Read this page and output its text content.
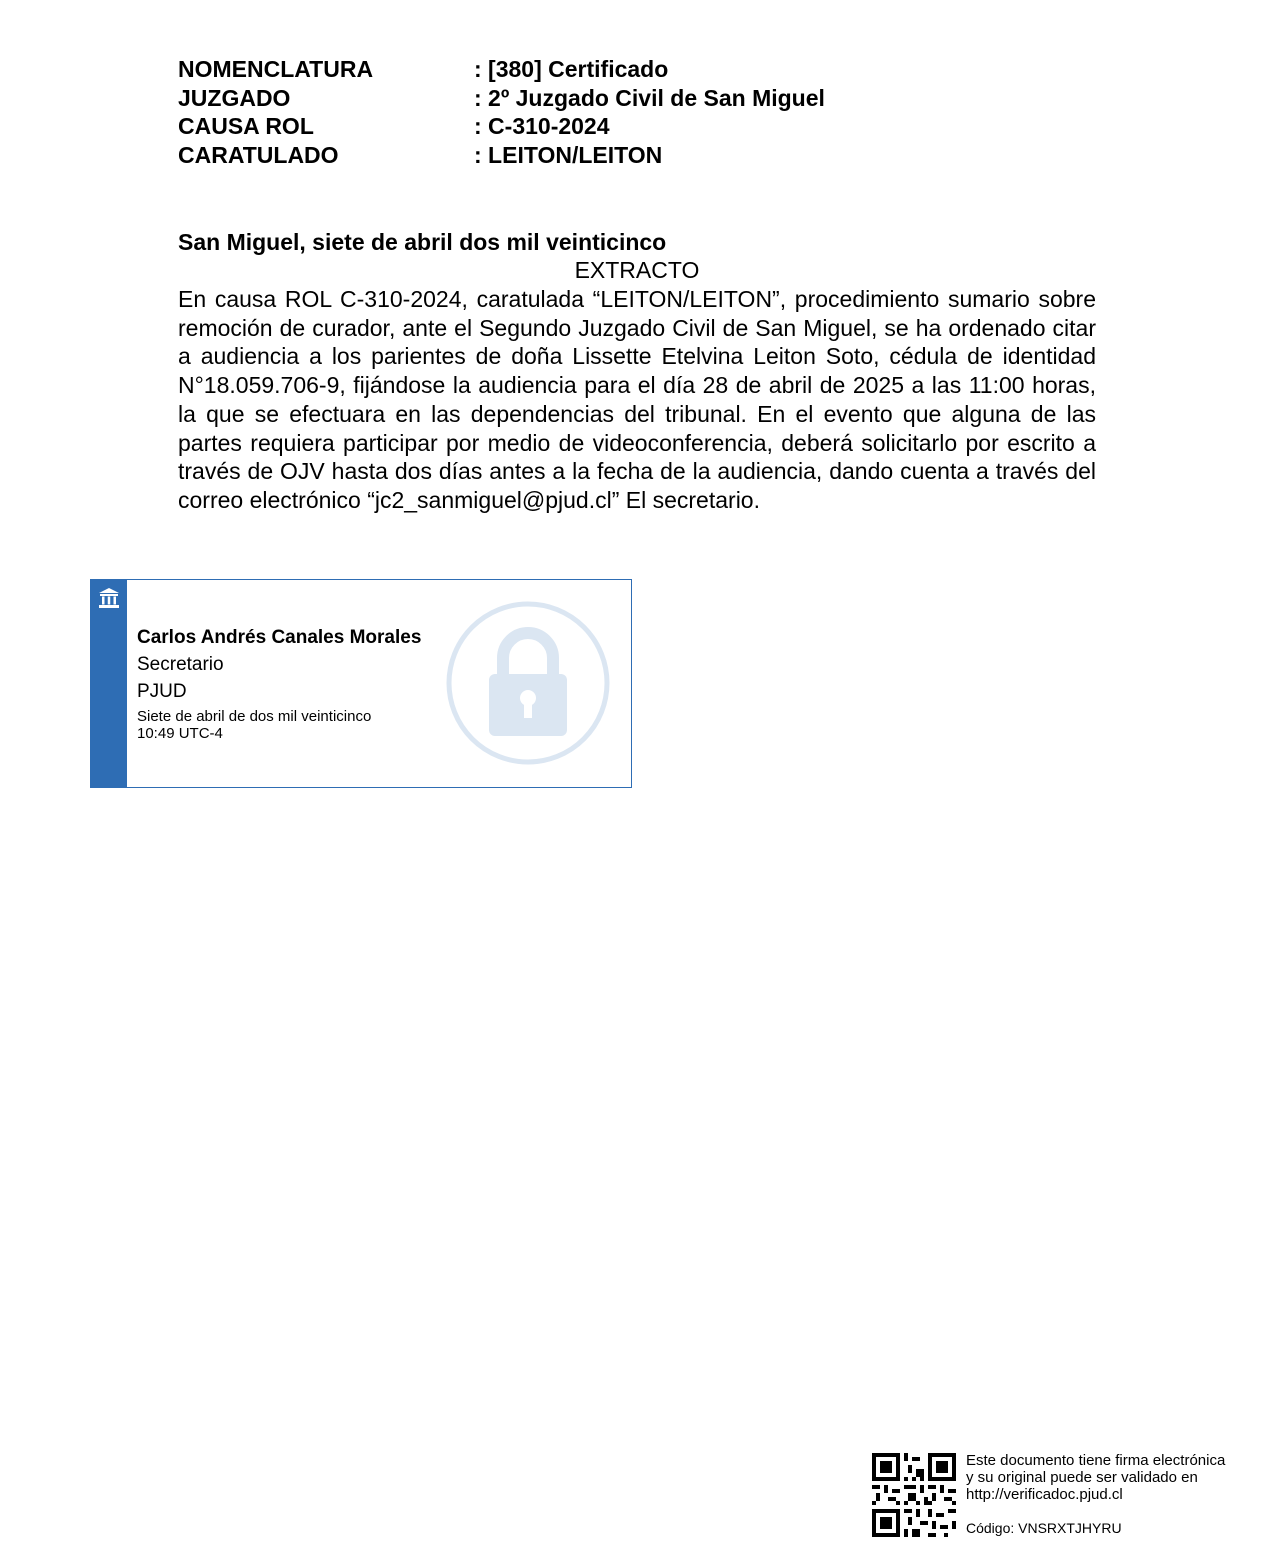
NOMENCLATURA	: [380] Certificado
JUZGADO	: 2º Juzgado Civil de San Miguel
CAUSA ROL	: C-310-2024
CARATULADO	: LEITON/LEITON
San Miguel, siete de abril dos mil veinticinco
EXTRACTO

En causa ROL C-310-2024, caratulada “LEITON/LEITON”, procedimiento sumario sobre remoción de curador, ante el Segundo Juzgado Civil de San Miguel, se ha ordenado citar a audiencia a los parientes de doña Lissette Etelvina Leiton Soto, cédula de identidad N°18.059.706-9, fijándose la audiencia para el día 28 de abril de 2025 a las 11:00 horas, la que se efectuara en las dependencias del tribunal. En el evento que alguna de las partes requiera participar por medio de videoconferencia, deberá solicitarlo por escrito a través de OJV hasta dos días antes a la fecha de la audiencia, dando cuenta a través del correo electrónico “jc2_sanmiguel@pjud.cl” El secretario.

Carlos Andrés Canales Morales
Secretario
PJUD
Siete de abril de dos mil veinticinco
10:49 UTC-4
Este documento tiene firma electrónica
y su original puede ser validado en
http://verificadoc.pjud.cl
Código: VNSRXTJHYRU
